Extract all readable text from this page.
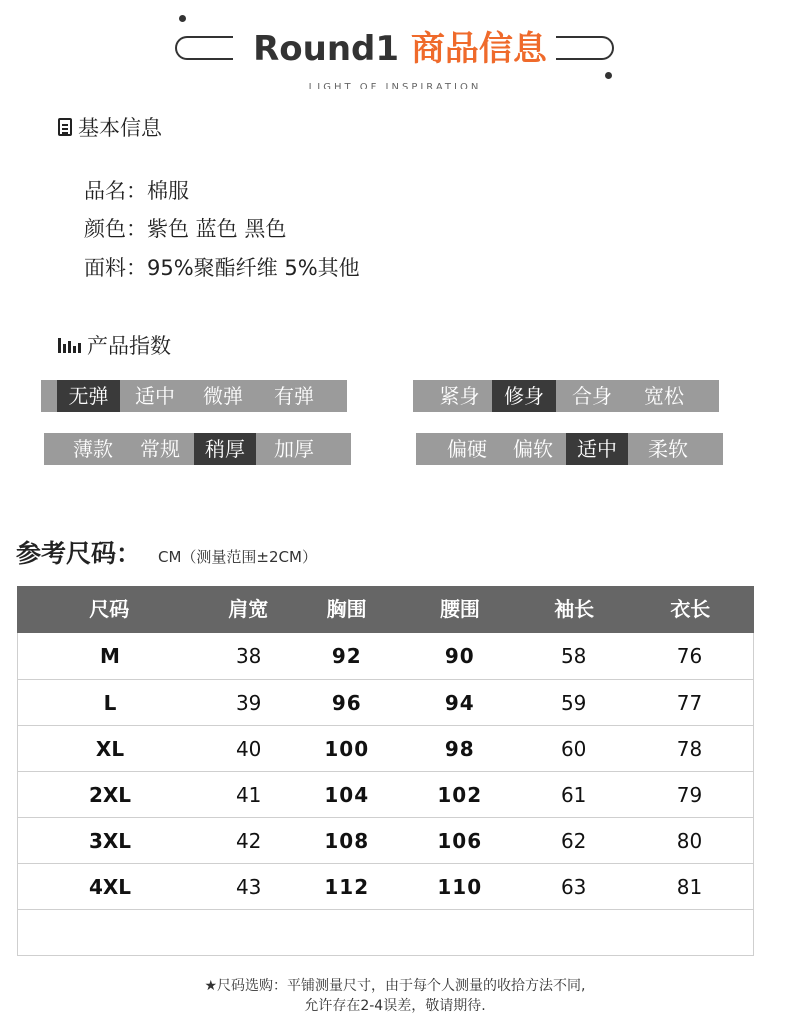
Round1 商品信息
LIGHT OF INSPIRATION
基本信息
品名：棉服
颜色：紫色 蓝色 黑色
面料：95%聚酯纤维 5%其他
产品指数
无弹	适中	微弹	有弹	紧身	修身	合身	宽松
薄款	常规	稍厚	加厚	偏硬	偏软	适中	柔软
参考尺码： CM（测量范围±2CM）
尺码	肩宽	胸围	腰围	袖长	衣长
M	38	92	90	58	76
L	39	96	94	59	77
XL	40	100	98	60	78
2XL	41	104	102	61	79
3XL	42	108	106	62	80
4XL	43	112	110	63	81
★尺码选购：平铺测量尺寸，由于每个人测量的收拾方法不同,
允许存在2-4误差，敬请期待.
